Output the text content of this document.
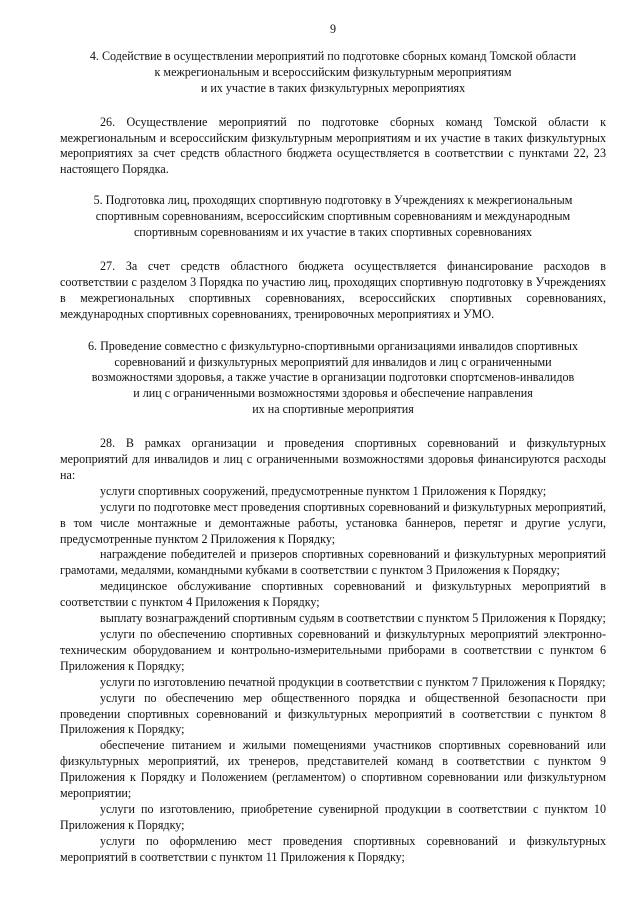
9
4. Содействие в осуществлении мероприятий по подготовке сборных команд Томской области
к межрегиональным и всероссийским физкультурным мероприятиям
и их участие в таких физкультурных мероприятиях

26. Осуществление мероприятий по подготовке сборных команд Томской области к межрегиональным и всероссийским физкультурным мероприятиям и их участие в таких физкультурных мероприятиях за счет средств областного бюджета осуществляется в соответствии с пунктами 22, 23 настоящего Порядка.

5. Подготовка лиц, проходящих спортивную подготовку в Учреждениях к межрегиональным
спортивным соревнованиям, всероссийским спортивным соревнованиям и международным
спортивным соревнованиям и их участие в таких спортивных соревнованиях

27. За счет средств областного бюджета осуществляется финансирование расходов в соответствии с разделом 3 Порядка по участию лиц, проходящих спортивную подготовку в Учреждениях в межрегиональных спортивных соревнованиях, всероссийских спортивных соревнованиях, международных спортивных соревнованиях, тренировочных мероприятиях и УМО.

6. Проведение совместно с физкультурно-спортивными организациями инвалидов спортивных
соревнований и физкультурных мероприятий для инвалидов и лиц с ограниченными
возможностями здоровья, а также участие в организации подготовки спортсменов-инвалидов
и лиц с ограниченными возможностями здоровья и обеспечение направления
их на спортивные мероприятия

28. В рамках организации и проведения спортивных соревнований и физкультурных мероприятий для инвалидов и лиц с ограниченными возможностями здоровья финансируются расходы на:

услуги спортивных сооружений, предусмотренные пунктом 1 Приложения к Порядку;

услуги по подготовке мест проведения спортивных соревнований и физкультурных мероприятий, в том числе монтажные и демонтажные работы, установка баннеров, перетяг и другие услуги, предусмотренные пунктом 2 Приложения к Порядку;

награждение победителей и призеров спортивных соревнований и физкультурных мероприятий грамотами, медалями, командными кубками в соответствии с пунктом 3 Приложения к Порядку;

медицинское обслуживание спортивных соревнований и физкультурных мероприятий в соответствии с пунктом 4 Приложения к Порядку;

выплату вознаграждений спортивным судьям в соответствии с пунктом 5 Приложения к Порядку;

услуги по обеспечению спортивных соревнований и физкультурных мероприятий электронно-техническим оборудованием и контрольно-измерительными приборами в соответствии с пунктом 6 Приложения к Порядку;

услуги по изготовлению печатной продукции в соответствии с пунктом 7 Приложения к Порядку;

услуги по обеспечению мер общественного порядка и общественной безопасности при проведении спортивных соревнований и физкультурных мероприятий в соответствии с пунктом 8 Приложения к Порядку;

обеспечение питанием и жилыми помещениями участников спортивных соревнований или физкультурных мероприятий, их тренеров, представителей команд в соответствии с пунктом 9 Приложения к Порядку и Положением (регламентом) о спортивном соревновании или физкультурном мероприятии;

услуги по изготовлению, приобретение сувенирной продукции в соответствии с пунктом 10 Приложения к Порядку;

услуги по оформлению мест проведения спортивных соревнований и физкультурных мероприятий в соответствии с пунктом 11 Приложения к Порядку;
